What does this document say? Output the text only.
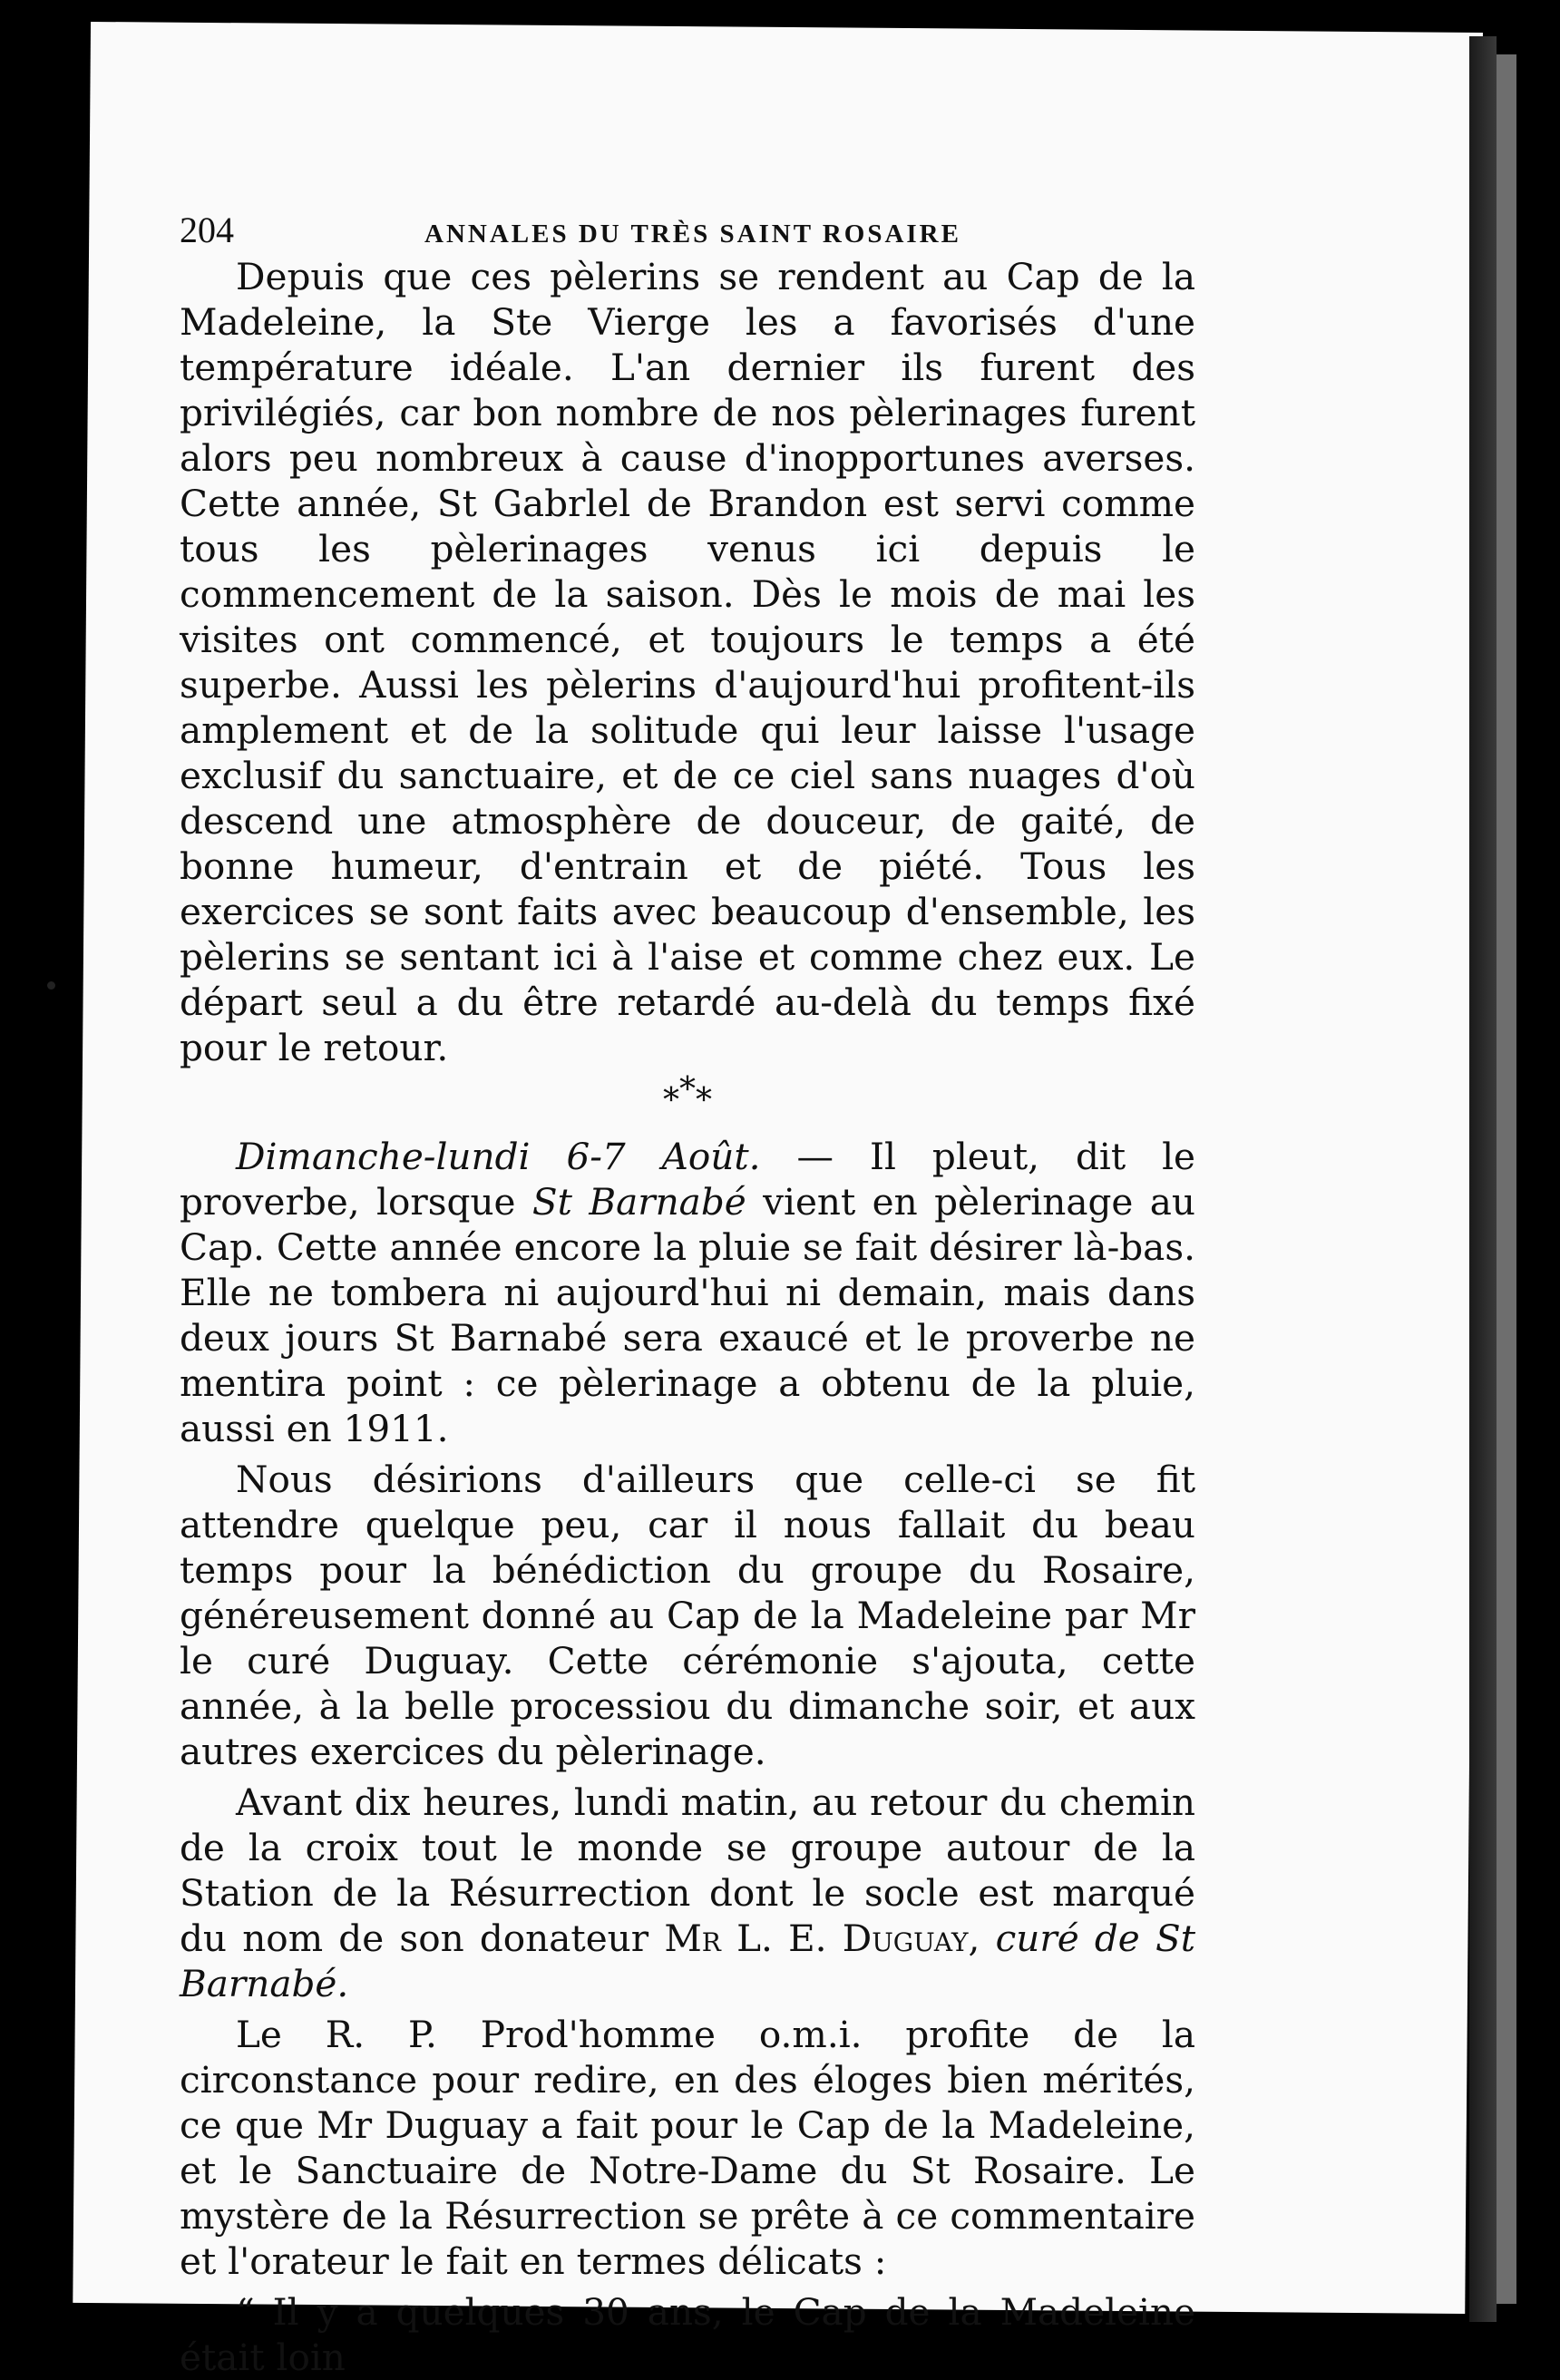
204	ANNALES DU TRÈS SAINT ROSAIRE

Depuis que ces pèlerins se rendent au Cap de la Madeleine, la Ste Vierge les a favorisés d'une température idéale. L'an dernier ils furent des privilégiés, car bon nombre de nos pèlerinages furent alors peu nombreux à cause d'inopportunes averses. Cette année, St Gabrlel de Brandon est servi comme tous les pèlerinages venus ici depuis le commencement de la saison. Dès le mois de mai les visites ont commencé, et toujours le temps a été superbe. Aussi les pèlerins d'aujourd'hui profitent-ils amplement et de la solitude qui leur laisse l'usage exclusif du sanctuaire, et de ce ciel sans nuages d'où descend une atmosphère de douceur, de gaité, de bonne humeur, d'entrain et de piété. Tous les exercices se sont faits avec beaucoup d'ensemble, les pèlerins se sentant ici à l'aise et comme chez eux. Le départ seul a du être retardé au-delà du temps fixé pour le retour.

***

Dimanche-lundi 6-7 Août. — Il pleut, dit le proverbe, lorsque St Barnabé vient en pèlerinage au Cap. Cette année encore la pluie se fait désirer là-bas. Elle ne tombera ni aujourd'hui ni demain, mais dans deux jours St Barnabé sera exaucé et le proverbe ne mentira point : ce pèlerinage a obtenu de la pluie, aussi en 1911.

Nous désirions d'ailleurs que celle-ci se fit attendre quelque peu, car il nous fallait du beau temps pour la bénédiction du groupe du Rosaire, généreusement donné au Cap de la Madeleine par Mr le curé Duguay. Cette cérémonie s'ajouta, cette année, à la belle processiou du dimanche soir, et aux autres exercices du pèlerinage.

Avant dix heures, lundi matin, au retour du chemin de la croix tout le monde se groupe autour de la Station de la Résurrection dont le socle est marqué du nom de son donateur Mr L. E. Duguay, curé de St Barnabé.

Le R. P. Prod'homme o.m.i. profite de la circonstance pour redire, en des éloges bien mérités, ce que Mr Duguay a fait pour le Cap de la Madeleine, et le Sanctuaire de Notre-Dame du St Rosaire. Le mystère de la Résurrection se prête à ce commentaire et l'orateur le fait en termes délicats :

“ Il y a quelques 30 ans, le Cap de la Madeleine était loin
